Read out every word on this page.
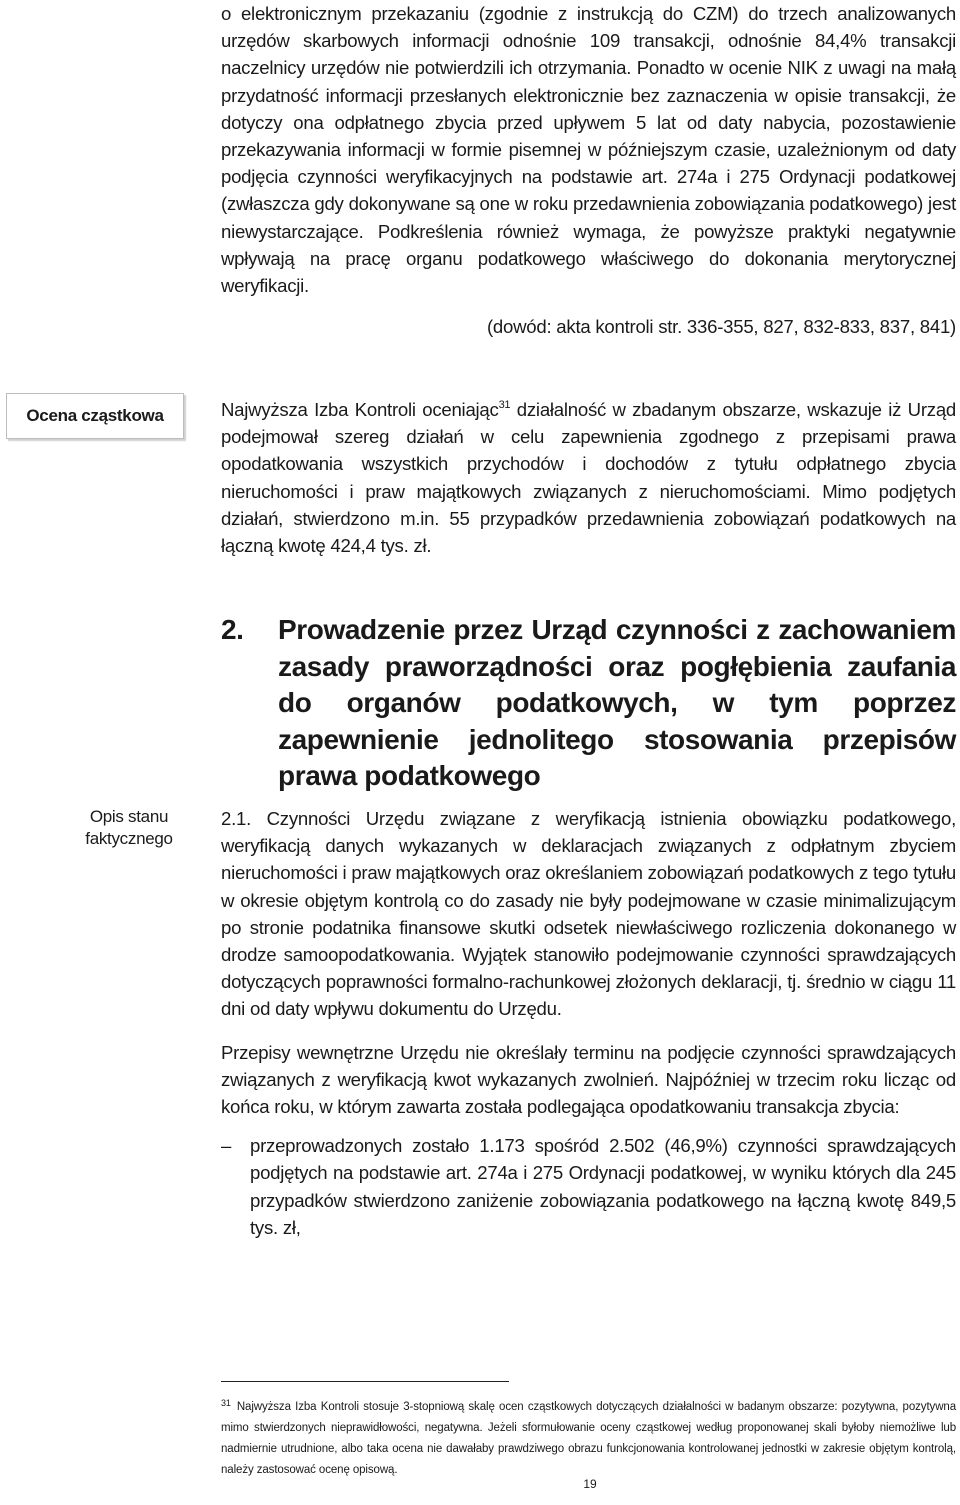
o elektronicznym przekazaniu (zgodnie z instrukcją do CZM) do trzech analizowanych urzędów skarbowych informacji odnośnie 109 transakcji, odnośnie 84,4% transakcji naczelnicy urzędów nie potwierdzili ich otrzymania. Ponadto w ocenie NIK z uwagi na małą przydatność informacji przesłanych elektronicznie bez zaznaczenia w opisie transakcji, że dotyczy ona odpłatnego zbycia przed upływem 5 lat od daty nabycia, pozostawienie przekazywania informacji w formie pisemnej w późniejszym czasie, uzależnionym od daty podjęcia czynności weryfikacyjnych na podstawie art. 274a i 275 Ordynacji podatkowej (zwłaszcza gdy dokonywane są one w roku przedawnienia zobowiązania podatkowego) jest niewystarczające. Podkreślenia również wymaga, że powyższe praktyki negatywnie wpływają na pracę organu podatkowego właściwego do dokonania merytorycznej weryfikacji.

(dowód: akta kontroli str. 336-355, 827, 832-833, 837, 841)

Ocena cząstkowa	Najwyższa Izba Kontroli oceniając$^{31}$ działalność w zbadanym obszarze, wskazuje iż Urząd podejmował szereg działań w celu zapewnienia zgodnego z przepisami prawa opodatkowania wszystkich przychodów i dochodów z tytułu odpłatnego zbycia nieruchomości i praw majątkowych związanych z nieruchomościami. Mimo podjętych działań, stwierdzono m.in. 55 przypadków przedawnienia zobowiązań podatkowych na łączną kwotę 424,4 tys. zł.

2. Prowadzenie przez Urząd czynności z zachowaniem zasady praworządności oraz pogłębienia zaufania do organów podatkowych, w tym poprzez zapewnienie jednolitego stosowania przepisów prawa podatkowego
Opis stanu faktycznego

2.1. Czynności Urzędu związane z weryfikacją istnienia obowiązku podatkowego, weryfikacją danych wykazanych w deklaracjach związanych z odpłatnym zbyciem nieruchomości i praw majątkowych oraz określaniem zobowiązań podatkowych z tego tytułu w okresie objętym kontrolą co do zasady nie były podejmowane w czasie minimalizującym po stronie podatnika finansowe skutki odsetek niewłaściwego rozliczenia dokonanego w drodze samoopodatkowania. Wyjątek stanowiło podejmowanie czynności sprawdzających dotyczących poprawności formalno-rachunkowej złożonych deklaracji, tj. średnio w ciągu 11 dni od daty wpływu dokumentu do Urzędu.

Przepisy wewnętrzne Urzędu nie określały terminu na podjęcie czynności sprawdzających związanych z weryfikacją kwot wykazanych zwolnień. Najpóźniej w trzecim roku licząc od końca roku, w którym zawarta została podlegająca opodatkowaniu transakcja zbycia:

– przeprowadzonych zostało 1.173 spośród 2.502 (46,9%) czynności sprawdzających podjętych na podstawie art. 274a i 275 Ordynacji podatkowej, w wyniku których dla 245 przypadków stwierdzono zaniżenie zobowiązania podatkowego na łączną kwotę 849,5 tys. zł,
$^{31}$ Najwyższa Izba Kontroli stosuje 3-stopniową skalę ocen cząstkowych dotyczących działalności w badanym obszarze: pozytywna, pozytywna mimo stwierdzonych nieprawidłowości, negatywna. Jeżeli sformułowanie oceny cząstkowej według proponowanej skali byłoby niemożliwe lub nadmiernie utrudnione, albo taka ocena nie dawałaby prawdziwego obrazu funkcjonowania kontrolowanej jednostki w zakresie objętym kontrolą, należy zastosować ocenę opisową.
19
